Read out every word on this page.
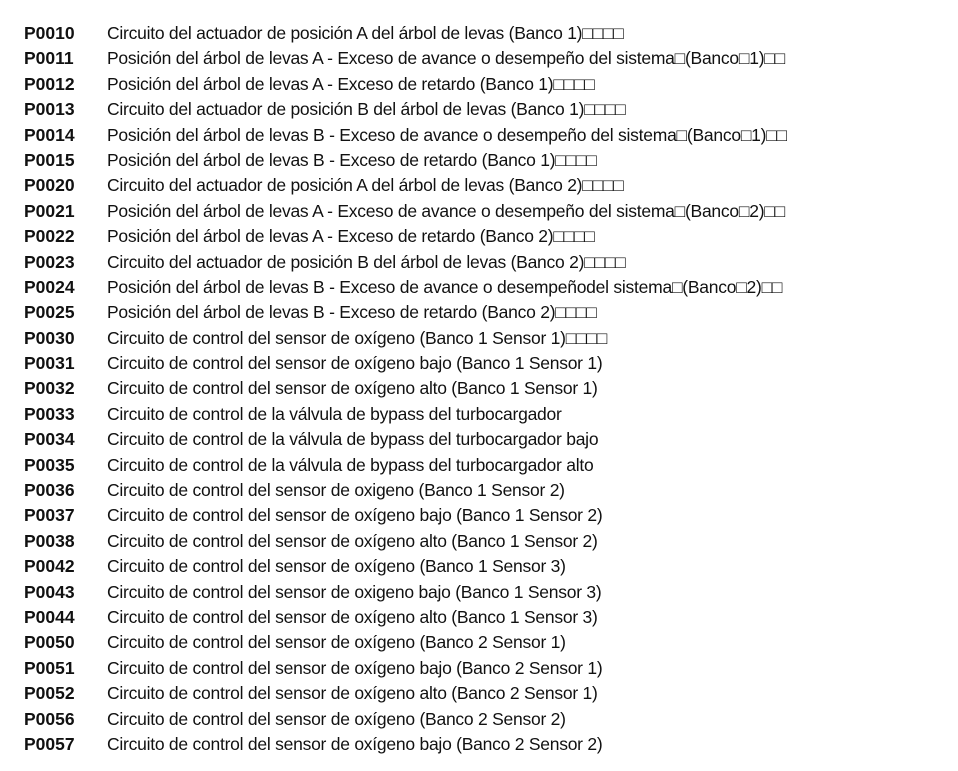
P0010	Circuito del actuador de posición A del árbol de levas (Banco 1)□□□□
P0011	Posición del árbol de levas A - Exceso de avance o desempeño del sistema□(Banco□1)□□
P0012	Posición del árbol de levas A - Exceso de retardo (Banco 1)□□□□
P0013	Circuito del actuador de posición B del árbol de levas (Banco 1)□□□□
P0014	Posición del árbol de levas B - Exceso de avance o desempeño del sistema□(Banco□1)□□
P0015	Posición del árbol de levas B - Exceso de retardo (Banco 1)□□□□
P0020	Circuito del actuador de posición A del árbol de levas (Banco 2)□□□□
P0021	Posición del árbol de levas A - Exceso de avance o desempeño del sistema□(Banco□2)□□
P0022	Posición del árbol de levas A - Exceso de retardo (Banco 2)□□□□
P0023	Circuito del actuador de posición B del árbol de levas (Banco 2)□□□□
P0024	Posición del árbol de levas B - Exceso de avance o desempeñodel sistema□(Banco□2)□□
P0025	Posición del árbol de levas B - Exceso de retardo (Banco 2)□□□□
P0030	Circuito de control del sensor de oxígeno (Banco 1 Sensor 1)□□□□
P0031	Circuito de control del sensor de oxígeno bajo (Banco 1 Sensor 1)
P0032	Circuito de control del sensor de oxígeno alto (Banco 1 Sensor 1)
P0033	Circuito de control de la válvula de bypass del turbocargador
P0034	Circuito de control de la válvula de bypass del turbocargador bajo
P0035	Circuito de control de la válvula de bypass del turbocargador alto
P0036	Circuito de control del sensor de oxigeno (Banco 1 Sensor 2)
P0037	Circuito de control del sensor de oxígeno bajo (Banco 1 Sensor 2)
P0038	Circuito de control del sensor de oxígeno alto (Banco 1 Sensor 2)
P0042	Circuito de control del sensor de oxígeno (Banco 1 Sensor 3)
P0043	Circuito de control del sensor de oxigeno bajo (Banco 1 Sensor 3)
P0044	Circuito de control del sensor de oxígeno alto (Banco 1 Sensor 3)
P0050	Circuito de control del sensor de oxígeno (Banco 2 Sensor 1)
P0051	Circuito de control del sensor de oxígeno bajo (Banco 2 Sensor 1)
P0052	Circuito de control del sensor de oxígeno alto (Banco 2 Sensor 1)
P0056	Circuito de control del sensor de oxígeno (Banco 2 Sensor 2)
P0057	Circuito de control del sensor de oxígeno bajo (Banco 2 Sensor 2)
